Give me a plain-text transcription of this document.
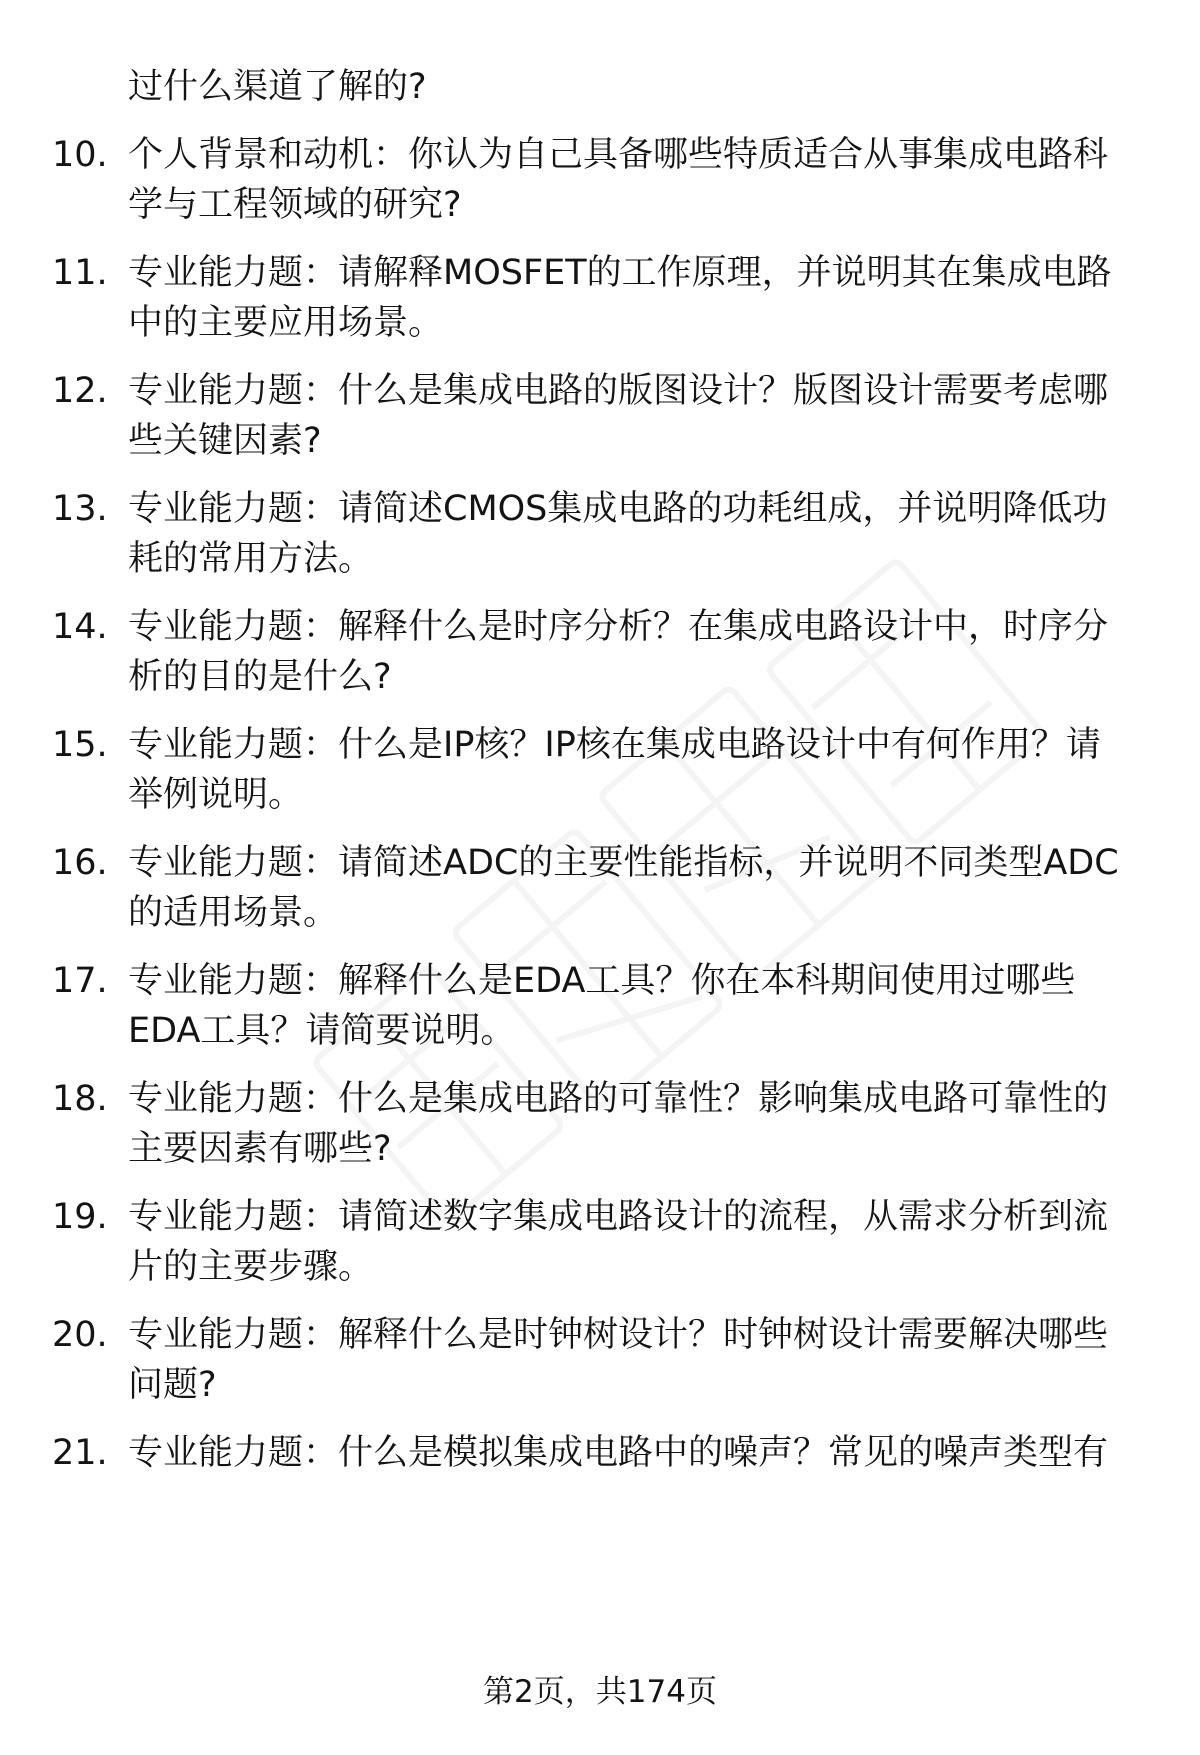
过什么渠道了解的?

10. 个人背景和动机：你认为自己具备哪些特质适合从事集成电路科
学与工程领域的研究?
11. 专业能力题：请解释MOSFET的工作原理，并说明其在集成电路
中的主要应用场景。
12. 专业能力题：什么是集成电路的版图设计？版图设计需要考虑哪
些关键因素?
13. 专业能力题：请简述CMOS集成电路的功耗组成，并说明降低功
耗的常用方法。
14. 专业能力题：解释什么是时序分析？在集成电路设计中，时序分
析的目的是什么?
15. 专业能力题：什么是IP核？IP核在集成电路设计中有何作用？请
举例说明。
16. 专业能力题：请简述ADC的主要性能指标，并说明不同类型ADC
的适用场景。
17. 专业能力题：解释什么是EDA工具？你在本科期间使用过哪些
EDA工具？请简要说明。
18. 专业能力题：什么是集成电路的可靠性？影响集成电路可靠性的
主要因素有哪些?
19. 专业能力题：请简述数字集成电路设计的流程，从需求分析到流
片的主要步骤。
20. 专业能力题：解释什么是时钟树设计？时钟树设计需要解决哪些
问题?
21. 专业能力题：什么是模拟集成电路中的噪声？常见的噪声类型有
第2页，共174页
